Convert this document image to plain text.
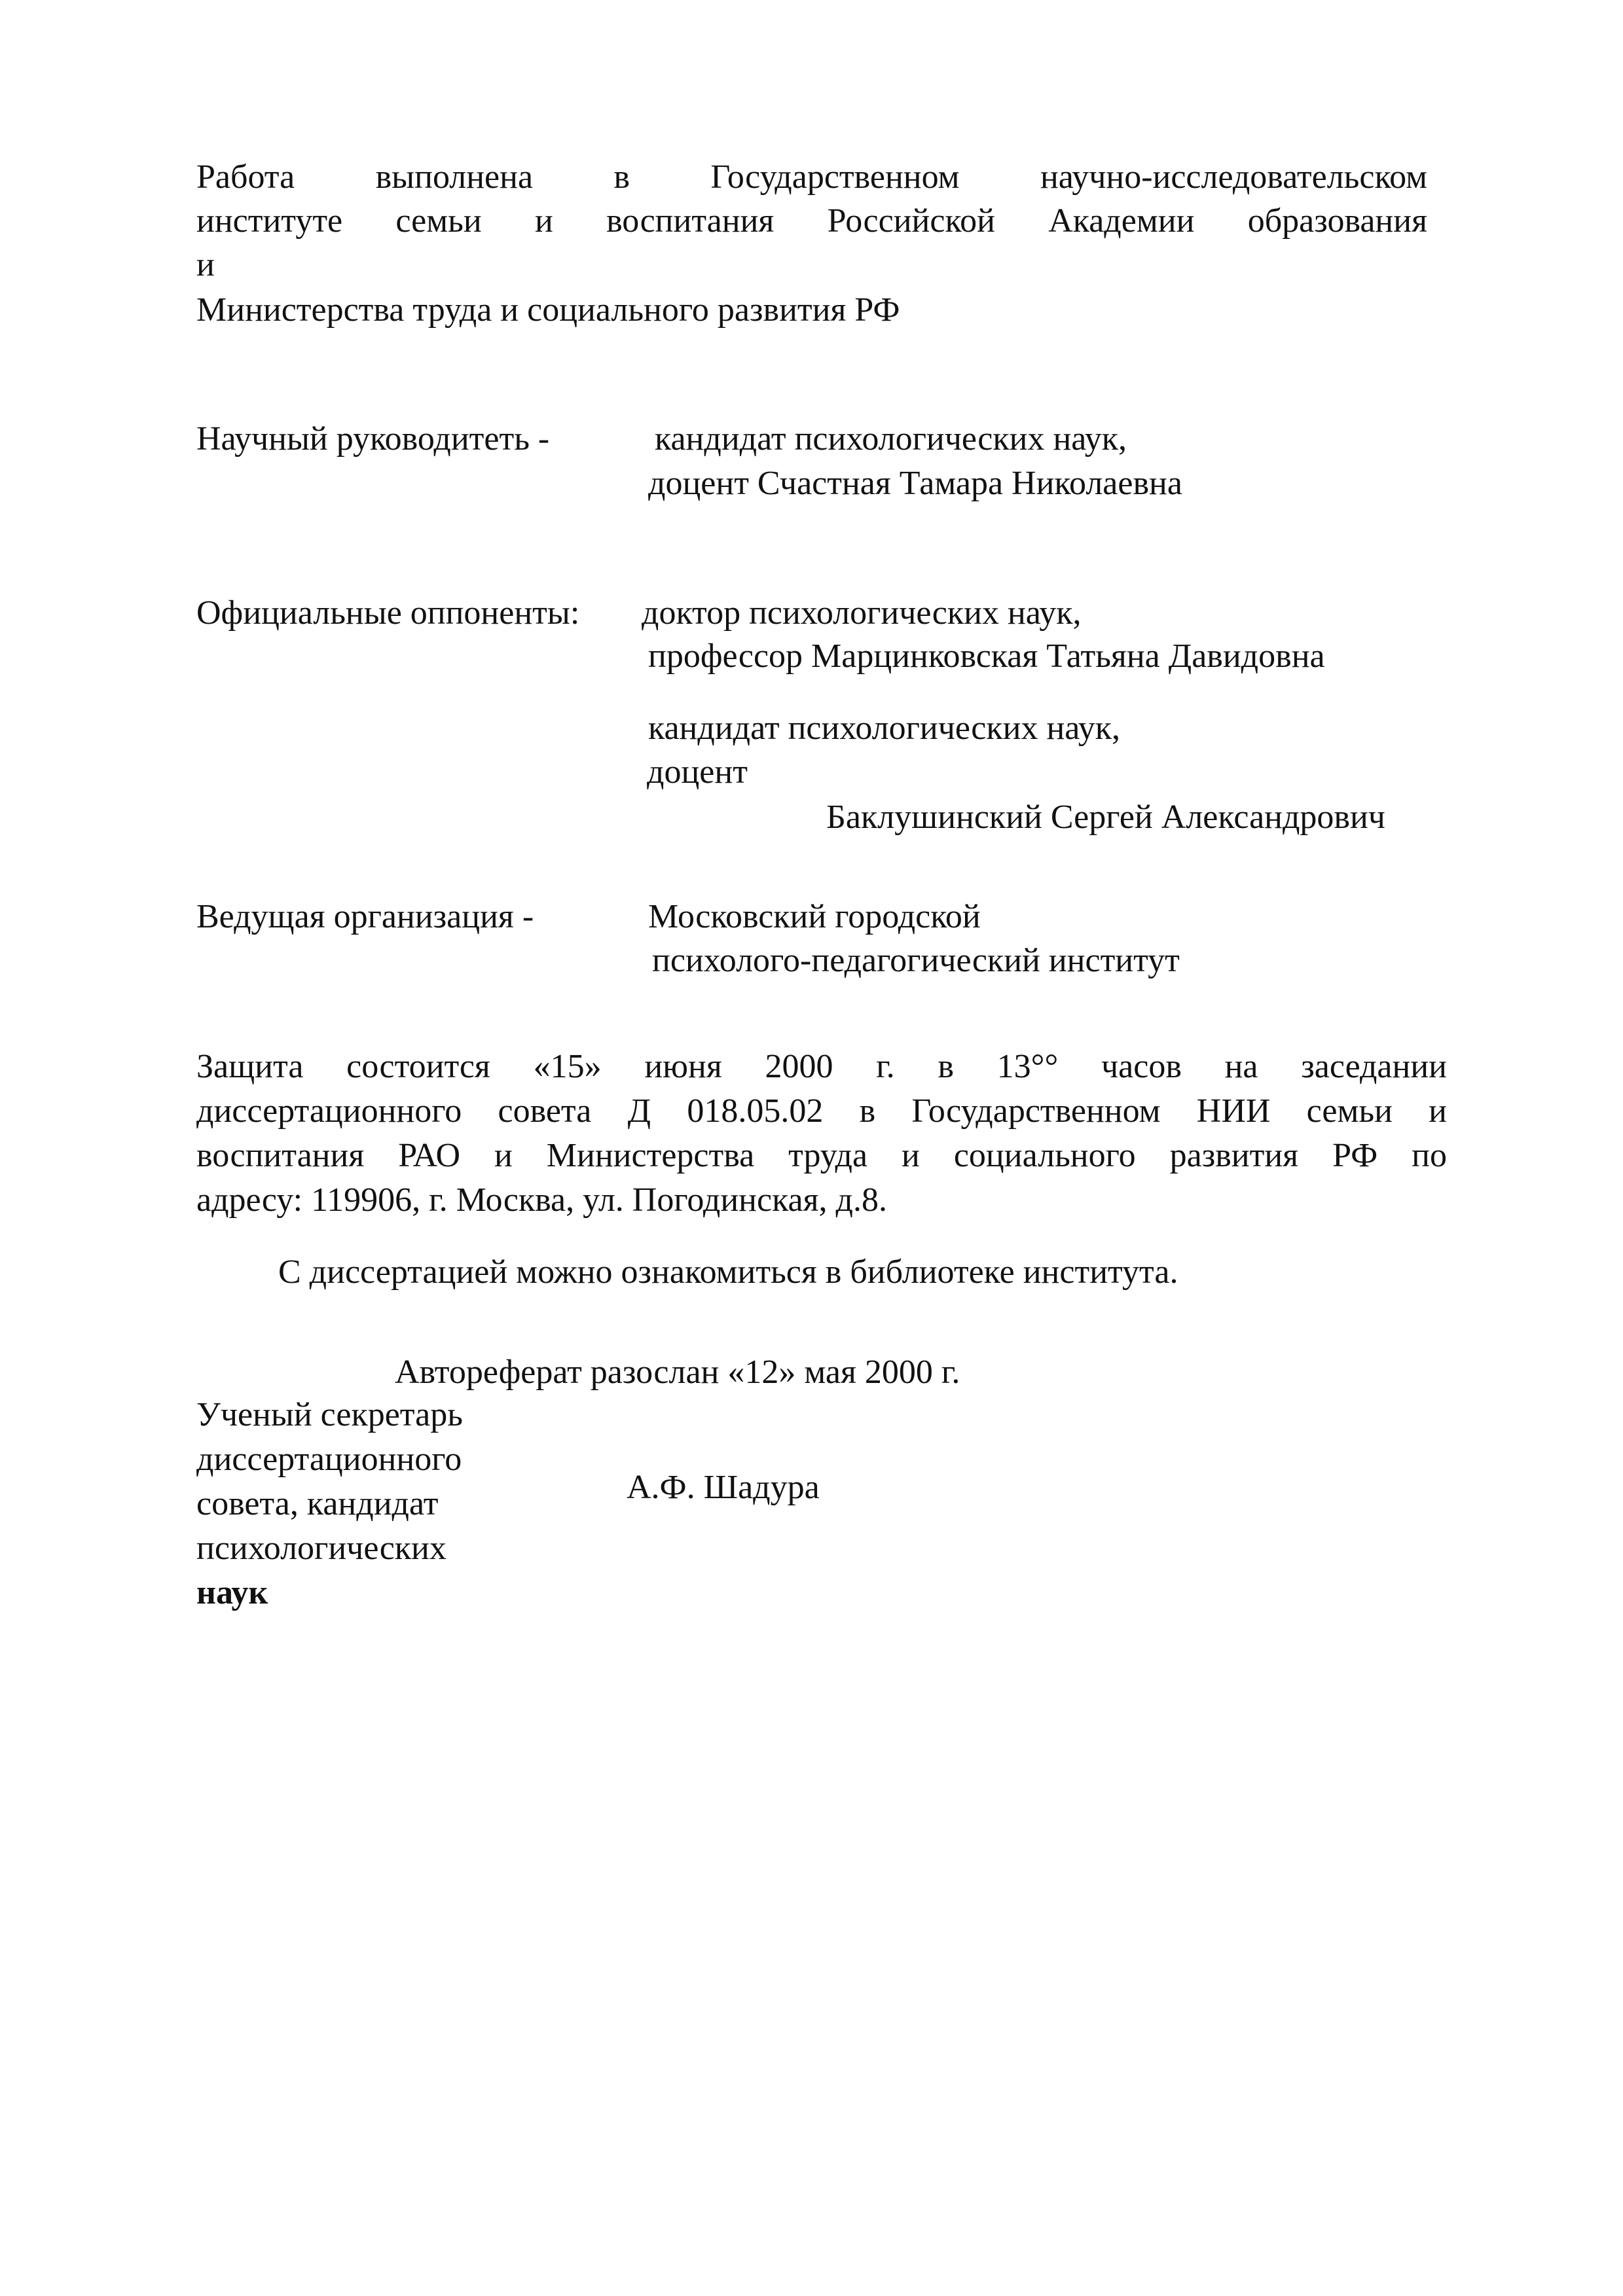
Работа выполнена в Государственном научно-исследовательском
институте семьи и воспитания Российской Академии образования
и
Министерства труда и социального развития РФ
Научный руководитеть -	кандидат психологических наук,
доцент Счастная Тамара Николаевна
Официальные оппоненты: доктор психологических наук,
профессор Марцинковская Татьяна Давидовна
кандидат психологических наук,
доцент
Баклушинский Сергей Александрович
Ведущая организация -	Московский городской
психолого-педагогический институт
Защита состоится «15» июня 2000 г. в 13°° часов на заседании
диссертационного совета Д 018.05.02 в Государственном НИИ семьи и
воспитания РАО и Министерства труда и социального развития РФ по
адресу: 119906, г. Москва, ул. Погодинская, д.8.
С диссертацией можно ознакомиться в библиотеке института.
Автореферат разослан «12» мая 2000 г.
Ученый секретарь
диссертационного
совета, кандидат
психологических
наук
А.Ф. Шадура
